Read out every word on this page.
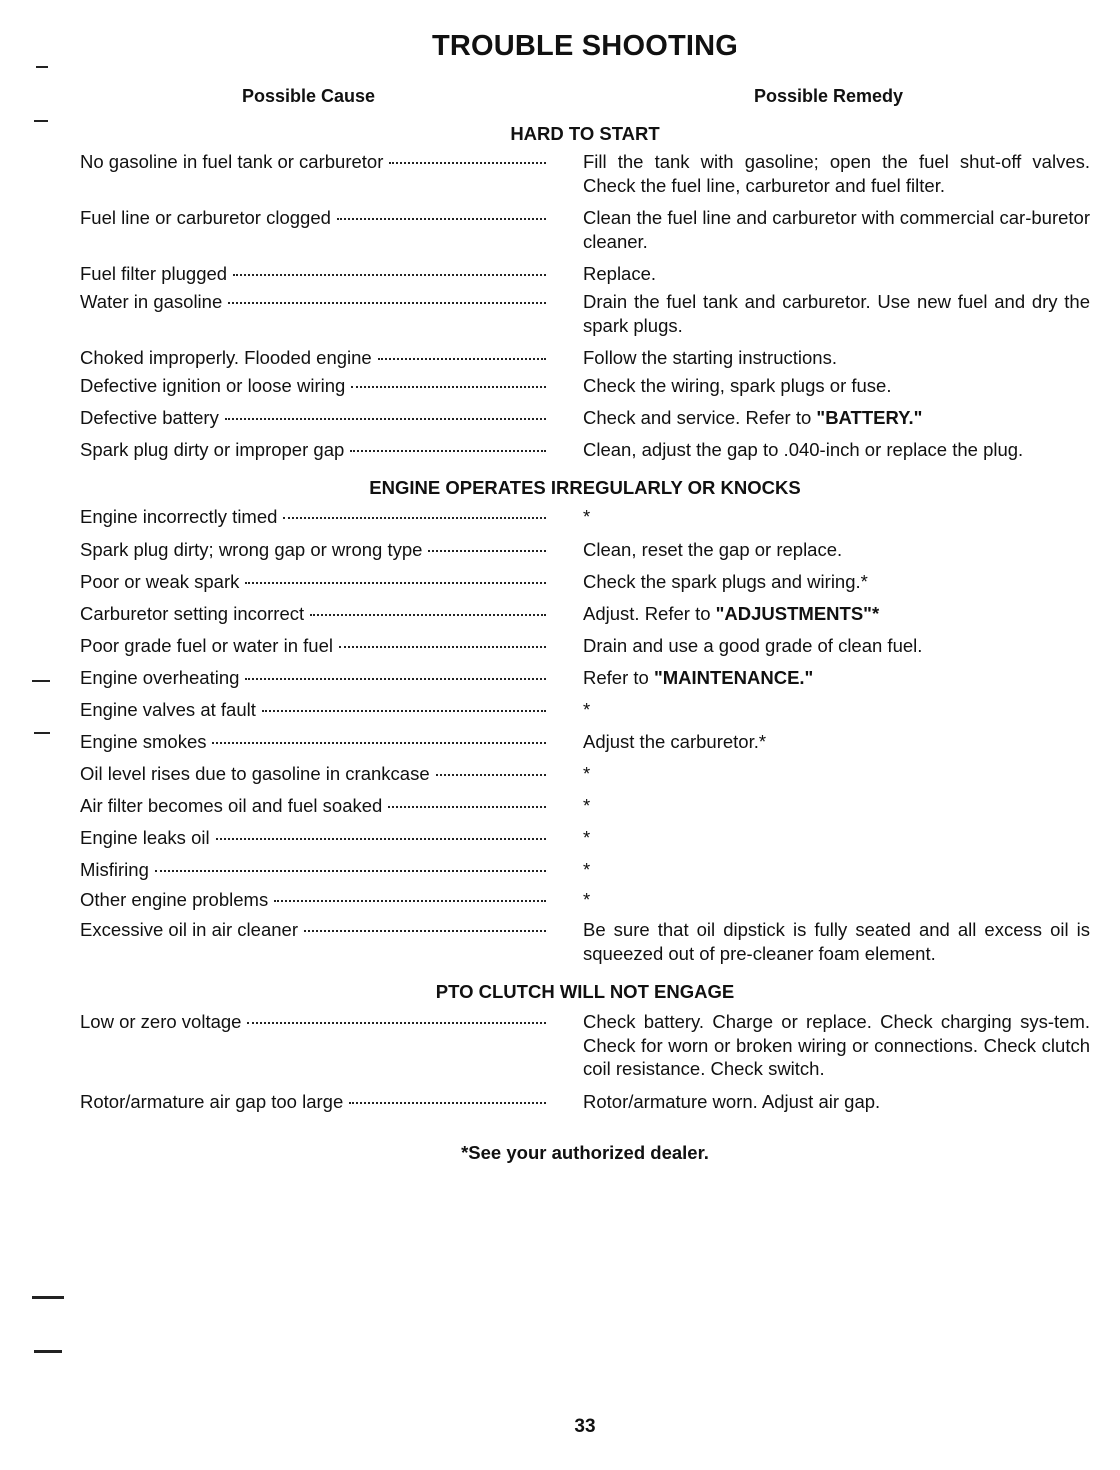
TROUBLE SHOOTING
Possible Cause	Possible Remedy
HARD TO START
No gasoline in fuel tank or carburetor	Fill the tank with gasoline; open the fuel shut-off valves. Check the fuel line, carburetor and fuel filter.
Fuel line or carburetor clogged	Clean the fuel line and carburetor with commercial car-buretor cleaner.
Fuel filter plugged	Replace.
Water in gasoline	Drain the fuel tank and carburetor. Use new fuel and dry the spark plugs.
Choked improperly. Flooded engine	Follow the starting instructions.
Defective ignition or loose wiring	Check the wiring, spark plugs or fuse.
Defective battery	Check and service. Refer to "BATTERY."
Spark plug dirty or improper gap	Clean, adjust the gap to .040-inch or replace the plug.
ENGINE OPERATES IRREGULARLY OR KNOCKS
Engine incorrectly timed	*
Spark plug dirty; wrong gap or wrong type	Clean, reset the gap or replace.
Poor or weak spark	Check the spark plugs and wiring.*
Carburetor setting incorrect	Adjust. Refer to "ADJUSTMENTS"*
Poor grade fuel or water in fuel	Drain and use a good grade of clean fuel.
Engine overheating	Refer to "MAINTENANCE."
Engine valves at fault	*
Engine smokes	Adjust the carburetor.*
Oil level rises due to gasoline in crankcase	*
Air filter becomes oil and fuel soaked	*
Engine leaks oil	*
Misfiring	*
Other engine problems	*
Excessive oil in air cleaner	Be sure that oil dipstick is fully seated and all excess oil is squeezed out of pre-cleaner foam element.
PTO CLUTCH WILL NOT ENGAGE
Low or zero voltage	Check battery. Charge or replace. Check charging sys-tem. Check for worn or broken wiring or connections. Check clutch coil resistance. Check switch.
Rotor/armature air gap too large	Rotor/armature worn. Adjust air gap.
*See your authorized dealer.
33
